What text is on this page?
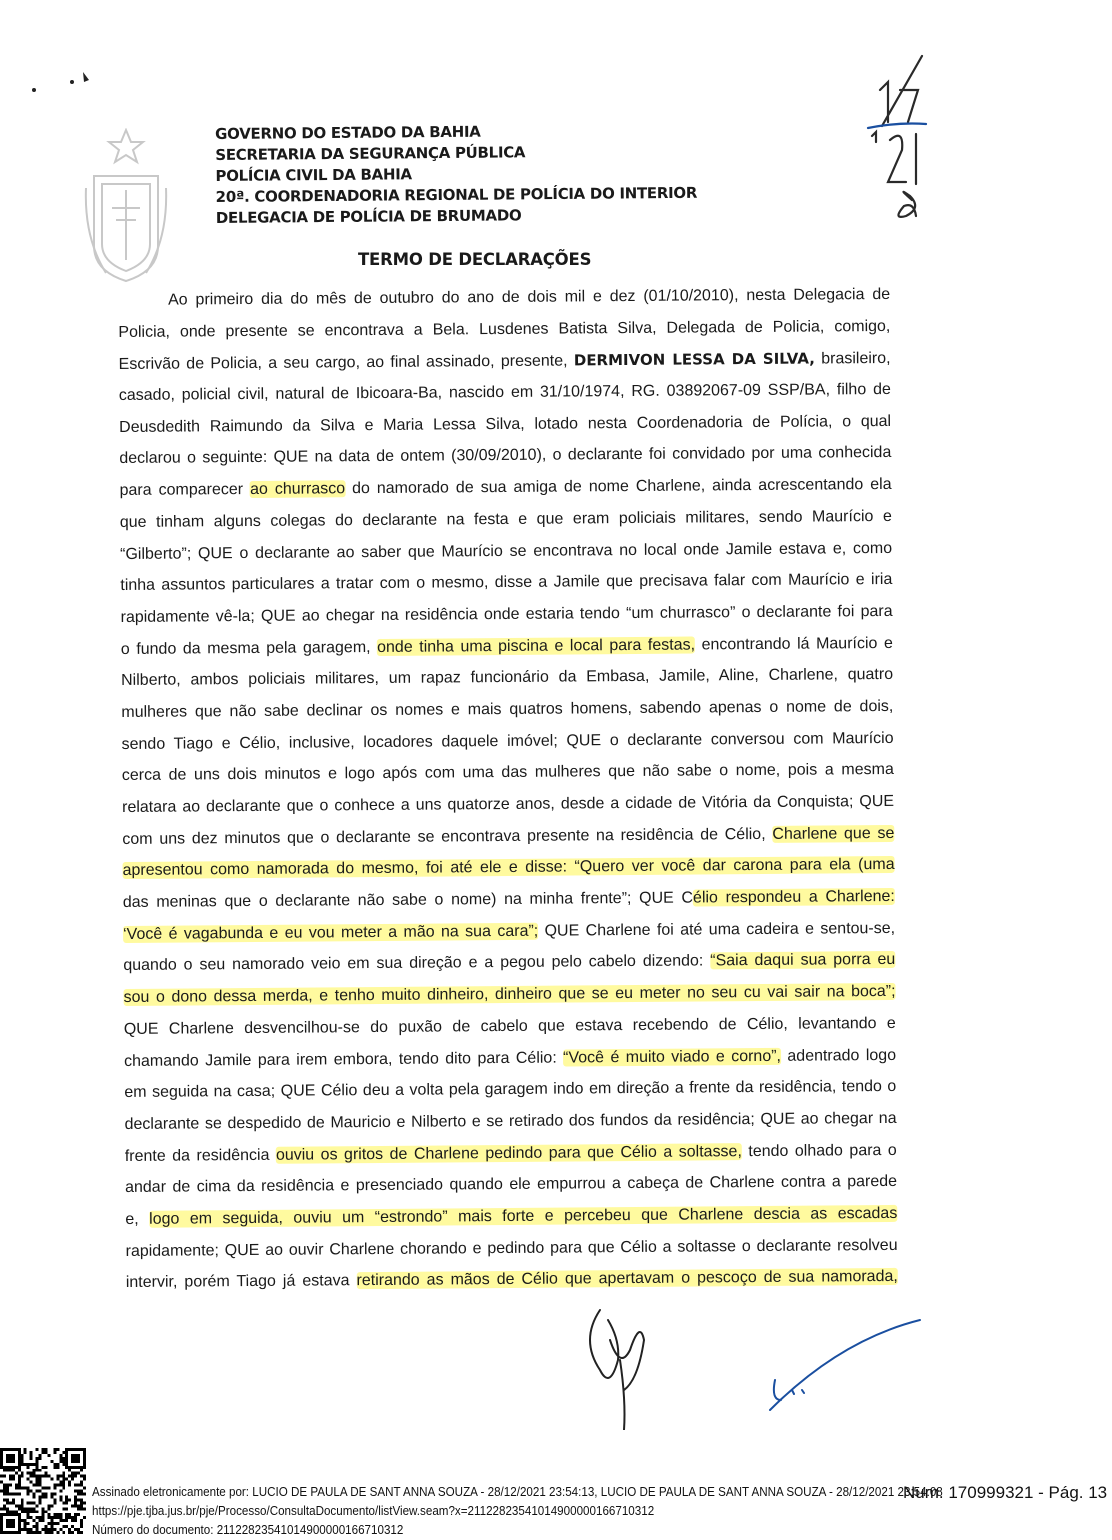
GOVERNO DO ESTADO DA BAHIA
SECRETARIA DA SEGURANÇA PÚBLICA
POLÍCIA CIVIL DA BAHIA
20ª. COORDENADORIA REGIONAL DE POLÍCIA DO INTERIOR
DELEGACIA DE POLÍCIA DE BRUMADO
TERMO DE DECLARAÇÕES
Ao primeiro dia do mês de outubro do ano de dois mil e dez (01/10/2010), nesta Delegacia de
Policia, onde presente se encontrava a Bela. Lusdenes Batista Silva, Delegada de Policia, comigo,
Escrivão de Policia, a seu cargo, ao final assinado, presente, DERMIVON LESSA DA SILVA, brasileiro,
casado, policial civil, natural de Ibicoara-Ba, nascido em 31/10/1974, RG. 03892067-09 SSP/BA, filho de
Deusdedith Raimundo da Silva e Maria Lessa Silva, lotado nesta Coordenadoria de Polícia, o qual
declarou o seguinte: QUE na data de ontem (30/09/2010), o declarante foi convidado por uma conhecida
para comparecer ao churrasco do namorado de sua amiga de nome Charlene, ainda acrescentando ela
que tinham alguns colegas do declarante na festa e que eram policiais militares, sendo Maurício e
“Gilberto”; QUE o declarante ao saber que Maurício se encontrava no local onde Jamile estava e, como
tinha assuntos particulares a tratar com o mesmo, disse a Jamile que precisava falar com Maurício e iria
rapidamente vê-la; QUE ao chegar na residência onde estaria tendo “um churrasco” o declarante foi para
o fundo da mesma pela garagem, onde tinha uma piscina e local para festas, encontrando lá Maurício e
Nilberto, ambos policiais militares, um rapaz funcionário da Embasa, Jamile, Aline, Charlene, quatro
mulheres que não sabe declinar os nomes e mais quatros homens, sabendo apenas o nome de dois,
sendo Tiago e Célio, inclusive, locadores daquele imóvel; QUE o declarante conversou com Maurício
cerca de uns dois minutos e logo após com uma das mulheres que não sabe o nome, pois a mesma
relatara ao declarante que o conhece a uns quatorze anos, desde a cidade de Vitória da Conquista; QUE
com uns dez minutos que o declarante se encontrava presente na residência de Célio, Charlene que se
apresentou como namorada do mesmo, foi até ele e disse: “Quero ver você dar carona para ela (uma
das meninas que o declarante não sabe o nome) na minha frente”; QUE Célio respondeu a Charlene:
‘Você é vagabunda e eu vou meter a mão na sua cara”; QUE Charlene foi até uma cadeira e sentou-se,
quando o seu namorado veio em sua direção e a pegou pelo cabelo dizendo: “Saia daqui sua porra eu
sou o dono dessa merda, e tenho muito dinheiro, dinheiro que se eu meter no seu cu vai sair na boca”;
QUE Charlene desvencilhou-se do puxão de cabelo que estava recebendo de Célio, levantando e
chamando Jamile para irem embora, tendo dito para Célio: “Você é muito viado e corno”, adentrado logo
em seguida na casa; QUE Célio deu a volta pela garagem indo em direção a frente da residência, tendo o
declarante se despedido de Mauricio e Nilberto e se retirado dos fundos da residência; QUE ao chegar na
frente da residência ouviu os gritos de Charlene pedindo para que Célio a soltasse, tendo olhado para o
andar de cima da residência e presenciado quando ele empurrou a cabeça de Charlene contra a parede
e, logo em seguida, ouviu um “estrondo” mais forte e percebeu que Charlene descia as escadas
rapidamente; QUE ao ouvir Charlene chorando e pedindo para que Célio a soltasse o declarante resolveu
intervir, porém Tiago já estava retirando as mãos de Célio que apertavam o pescoço de sua namorada,
Assinado eletronicamente por: LUCIO DE PAULA DE SANT ANNA SOUZA - 28/12/2021 23:54:13, LUCIO DE PAULA DE SANT ANNA SOUZA - 28/12/2021 23:54:08
https://pje.tjba.jus.br/pje/Processo/ConsultaDocumento/listView.seam?x=21122823541014900000166710312
Número do documento: 21122823541014900000166710312
Num. 170999321 - Pág. 13
